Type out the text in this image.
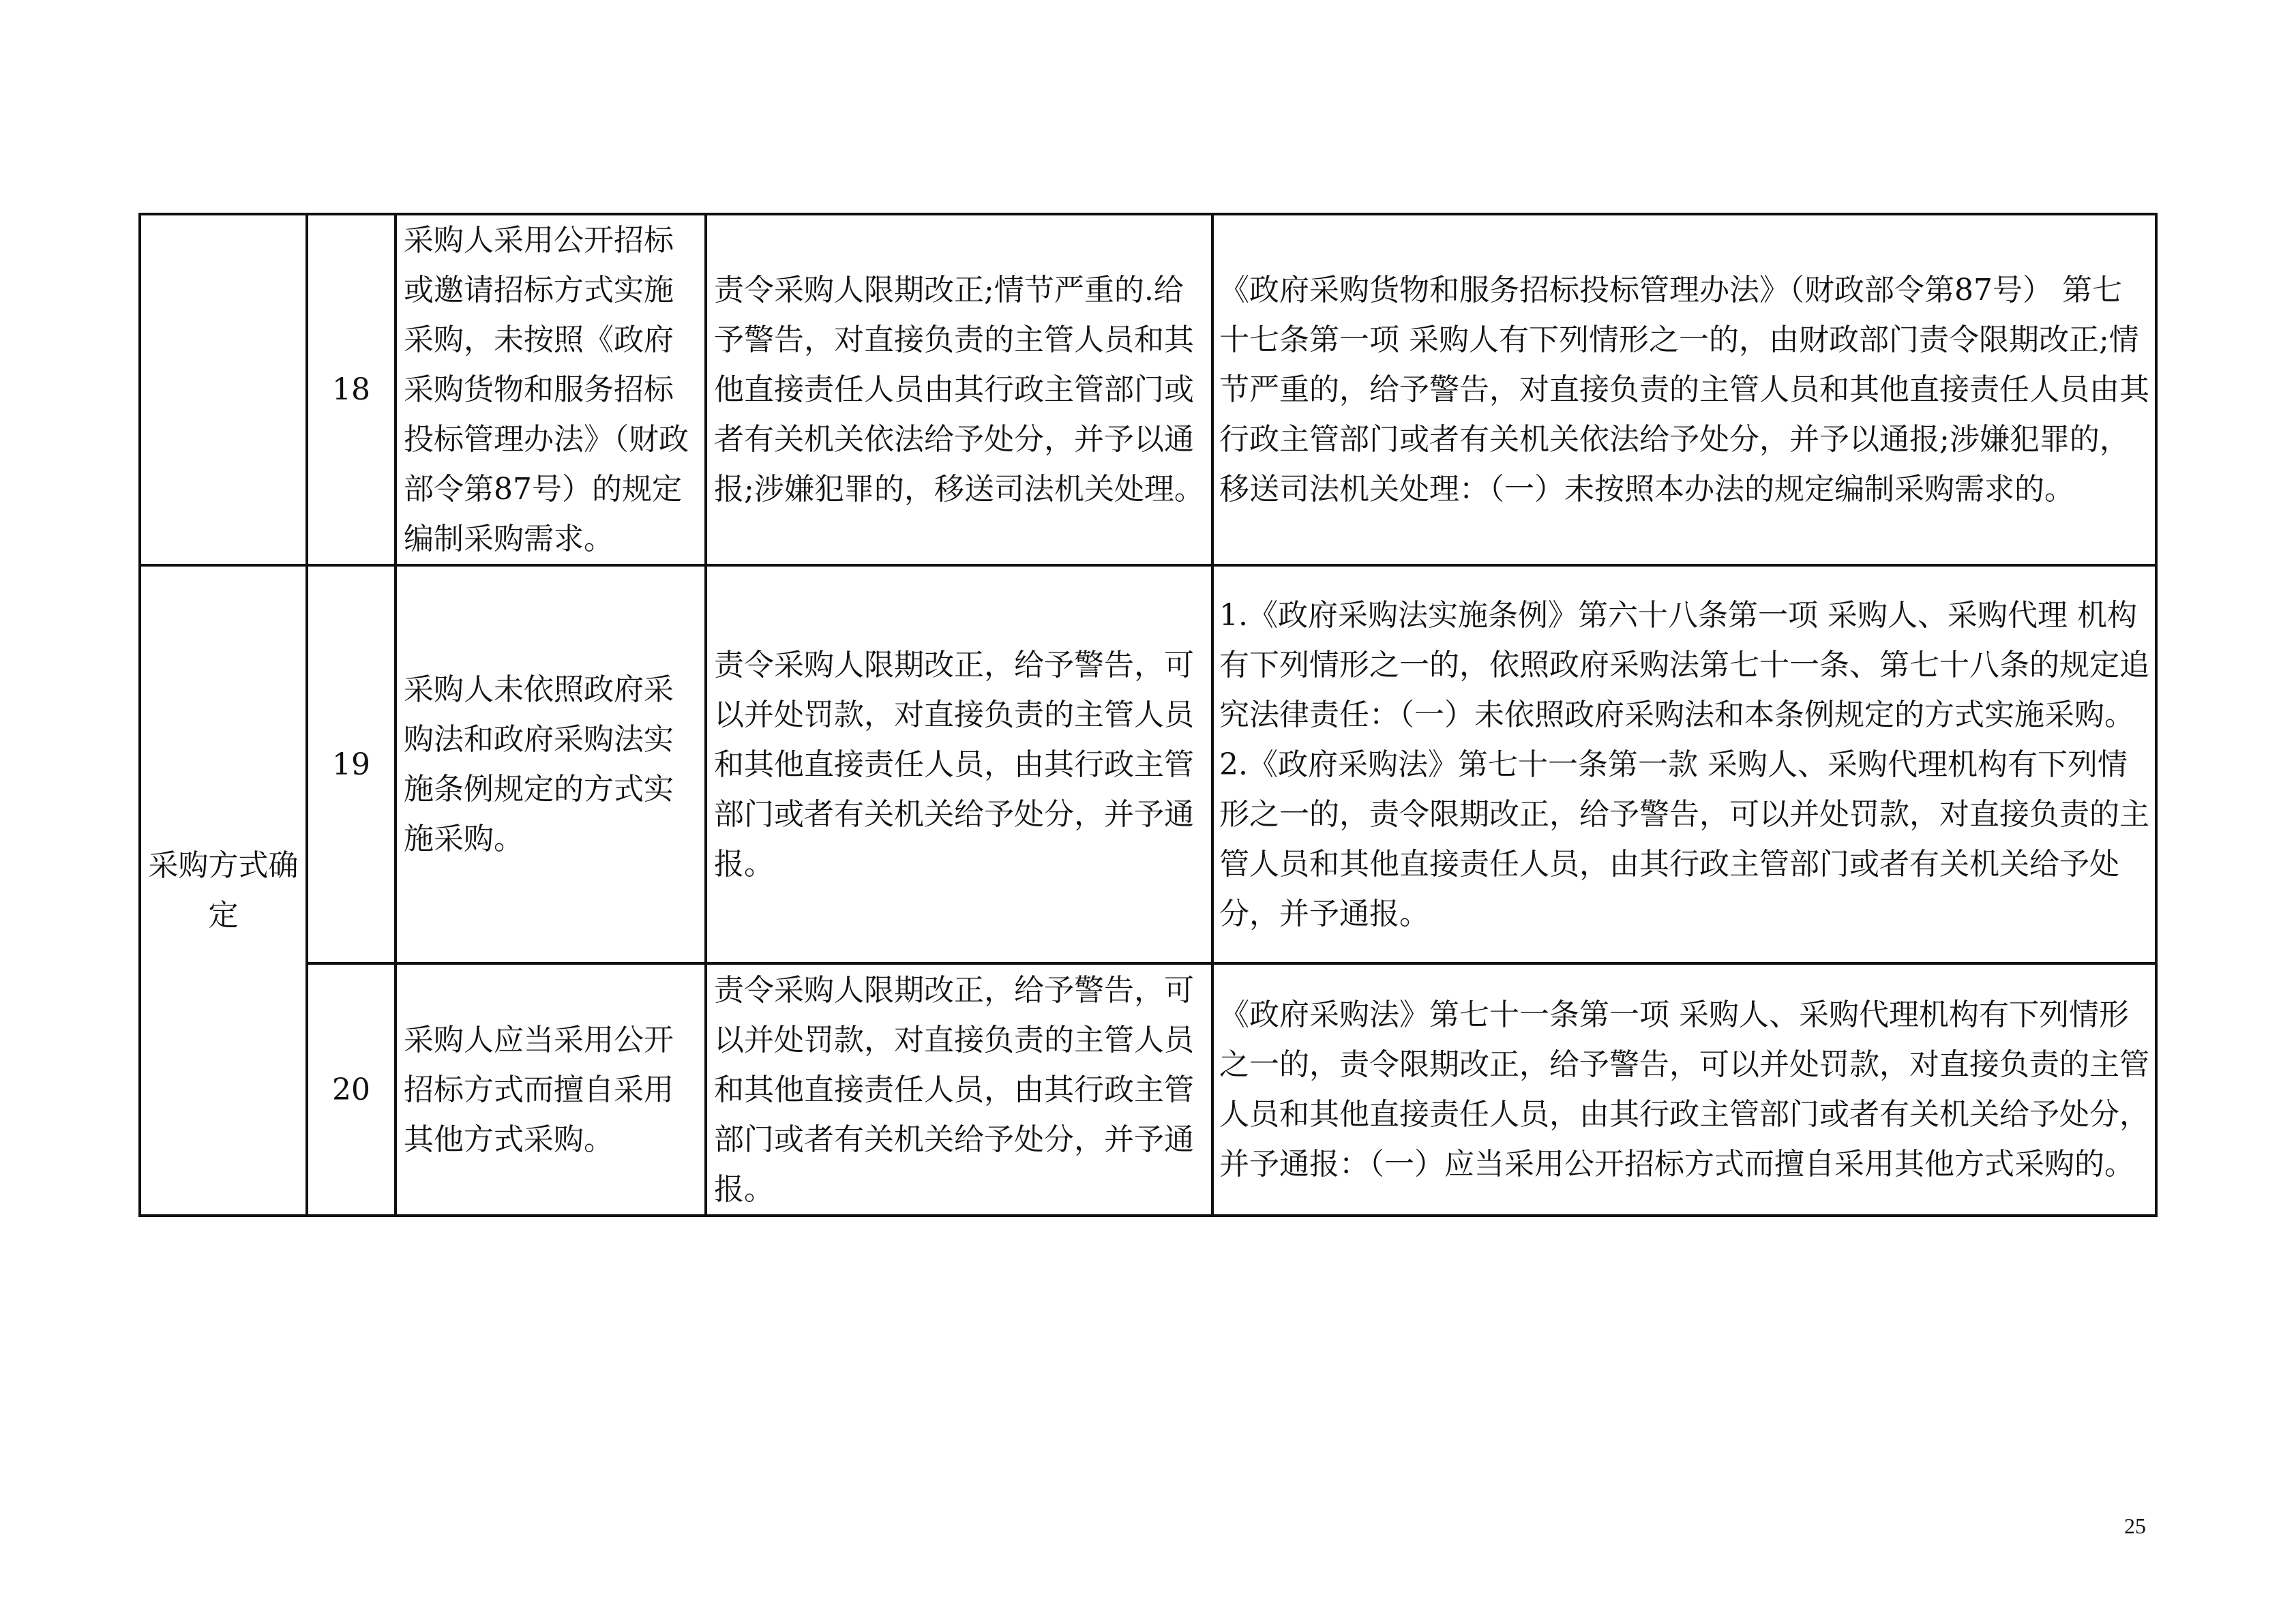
	18	采购人采用公开招标或邀请招标方式实施采购，未按照《政府采购货物和服务招标投标管理办法》（财政部令第87号）的规定编制采购需求。	责令采购人限期改正;情节严重的.给予警告，对直接负责的主管人员和其他直接责任人员由其行政主管部门或者有关机关依法给予处分，并予以通报;涉嫌犯罪的，移送司法机关处理。	《政府采购货物和服务招标投标管理办法》（财政部令第87号） 第七十七条第一项 采购人有下列情形之一的，由财政部门责令限期改正;情节严重的，给予警告，对直接负责的主管人员和其他直接责任人员由其行政主管部门或者有关机关依法给予处分，并予以通报;涉嫌犯罪的，移送司法机关处理：（一）未按照本办法的规定编制采购需求的。

采购方式确定	19	采购人未依照政府采购法和政府采购法实施条例规定的方式实施采购。	责令采购人限期改正，给予警告，可以并处罚款，对直接负责的主管人员和其他直接责任人员，由其行政主管部门或者有关机关给予处分，并予通报。	1.《政府采购法实施条例》第六十八条第一项 采购人、采购代理 机构有下列情形之一的，依照政府采购法第七十一条、第七十八条的规定追究法律责任：（一）未依照政府采购法和本条例规定的方式实施采购。
2.《政府采购法》第七十一条第一款 采购人、采购代理机构有下列情形之一的，责令限期改正，给予警告，可以并处罚款，对直接负责的主管人员和其他直接责任人员，由其行政主管部门或者有关机关给予处分，并予通报。

	20	采购人应当采用公开招标方式而擅自采用其他方式采购。	责令采购人限期改正，给予警告，可以并处罚款，对直接负责的主管人员和其他直接责任人员，由其行政主管部门或者有关机关给予处分，并予通报。	《政府采购法》第七十一条第一项 采购人、采购代理机构有下列情形之一的，责令限期改正，给予警告，可以并处罚款，对直接负责的主管人员和其他直接责任人员，由其行政主管部门或者有关机关给予处分，并予通报：（一）应当采用公开招标方式而擅自采用其他方式采购的。
25
